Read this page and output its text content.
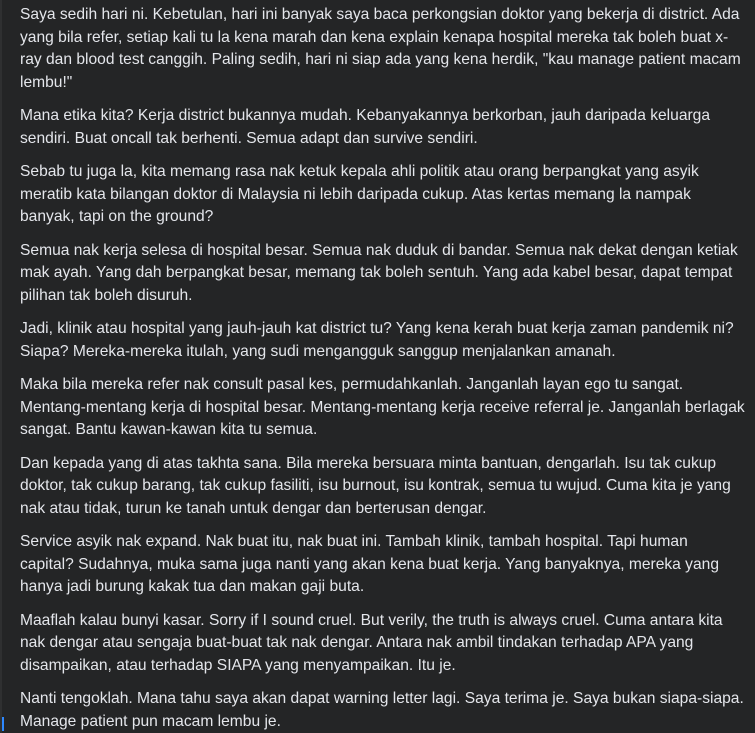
Saya sedih hari ni. Kebetulan, hari ini banyak saya baca perkongsian doktor yang bekerja di district. Ada yang bila refer, setiap kali tu la kena marah dan kena explain kenapa hospital mereka tak boleh buat x-ray dan blood test canggih. Paling sedih, hari ni siap ada yang kena herdik, "kau manage patient macam lembu!"

Mana etika kita? Kerja district bukannya mudah. Kebanyakannya berkorban, jauh daripada keluarga sendiri. Buat oncall tak berhenti. Semua adapt dan survive sendiri.

Sebab tu juga la, kita memang rasa nak ketuk kepala ahli politik atau orang berpangkat yang asyik meratib kata bilangan doktor di Malaysia ni lebih daripada cukup. Atas kertas memang la nampak banyak, tapi on the ground?

Semua nak kerja selesa di hospital besar. Semua nak duduk di bandar. Semua nak dekat dengan ketiak mak ayah. Yang dah berpangkat besar, memang tak boleh sentuh. Yang ada kabel besar, dapat tempat pilihan tak boleh disuruh.

Jadi, klinik atau hospital yang jauh-jauh kat district tu? Yang kena kerah buat kerja zaman pandemik ni? Siapa? Mereka-mereka itulah, yang sudi mengangguk sanggup menjalankan amanah.

Maka bila mereka refer nak consult pasal kes, permudahkanlah. Janganlah layan ego tu sangat. Mentang-mentang kerja di hospital besar. Mentang-mentang kerja receive referral je. Janganlah berlagak sangat. Bantu kawan-kawan kita tu semua.

Dan kepada yang di atas takhta sana. Bila mereka bersuara minta bantuan, dengarlah. Isu tak cukup doktor, tak cukup barang, tak cukup fasiliti, isu burnout, isu kontrak, semua tu wujud. Cuma kita je yang nak atau tidak, turun ke tanah untuk dengar dan berterusan dengar.

Service asyik nak expand. Nak buat itu, nak buat ini. Tambah klinik, tambah hospital. Tapi human capital? Sudahnya, muka sama juga nanti yang akan kena buat kerja. Yang banyaknya, mereka yang hanya jadi burung kakak tua dan makan gaji buta.

Maaflah kalau bunyi kasar. Sorry if I sound cruel. But verily, the truth is always cruel. Cuma antara kita nak dengar atau sengaja buat-buat tak nak dengar. Antara nak ambil tindakan terhadap APA yang disampaikan, atau terhadap SIAPA yang menyampaikan. Itu je.

Nanti tengoklah. Mana tahu saya akan dapat warning letter lagi. Saya terima je. Saya bukan siapa-siapa. Manage patient pun macam lembu je.
